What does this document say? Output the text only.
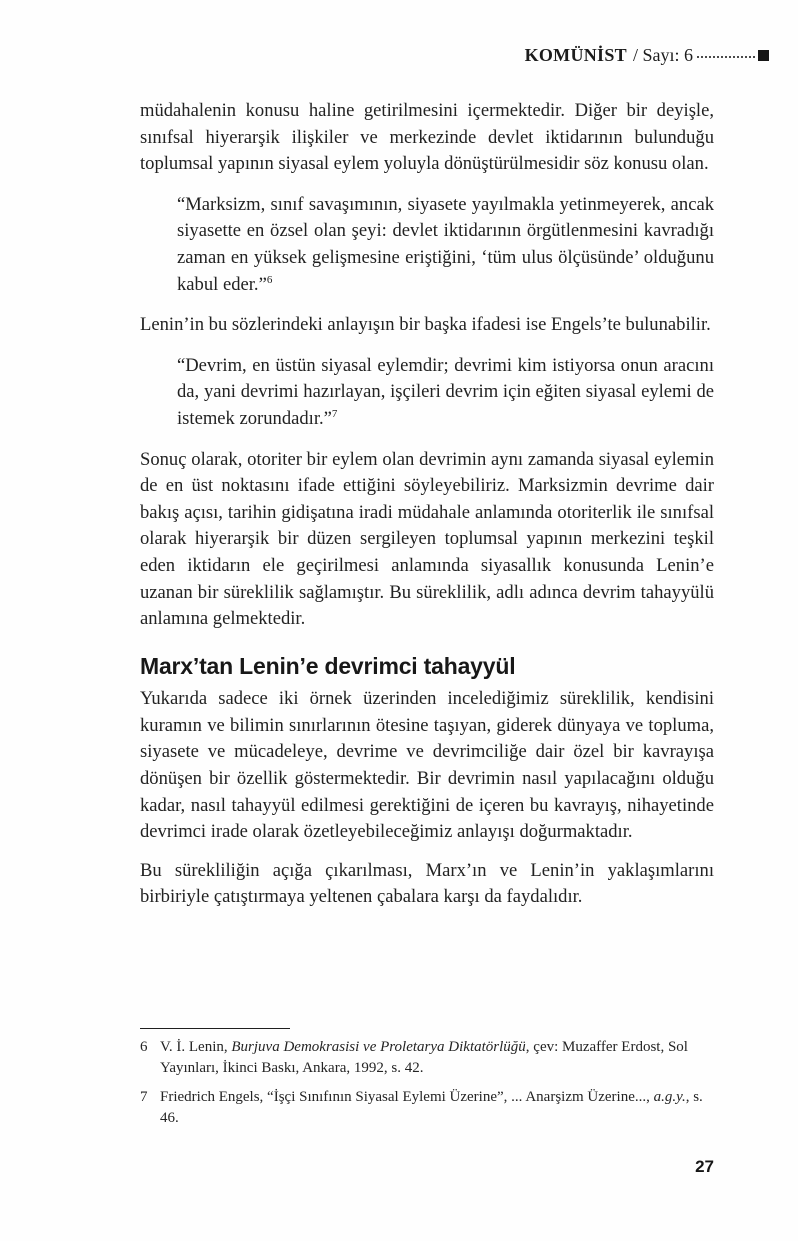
KOMÜNİST / Sayı: 6

müdahalenin konusu haline getirilmesini içermektedir. Diğer bir deyişle, sınıfsal hiyerarşik ilişkiler ve merkezinde devlet iktidarının bulunduğu toplumsal yapının siyasal eylem yoluyla dönüştürülmesidir söz konusu olan.

“Marksizm, sınıf savaşımının, siyasete yayılmakla yetinmeyerek, ancak siyasette en özsel olan şeyi: devlet iktidarının örgütlenmesini kavradığı zaman en yüksek gelişmesine eriştiğini, ‘tüm ulus ölçüsünde’ olduğunu kabul eder.”$^6$

Lenin’in bu sözlerindeki anlayışın bir başka ifadesi ise Engels’te bulunabilir.

“Devrim, en üstün siyasal eylemdir; devrimi kim istiyorsa onun aracını da, yani devrimi hazırlayan, işçileri devrim için eğiten siyasal eylemi de istemek zorundadır.”$^7$

Sonuç olarak, otoriter bir eylem olan devrimin aynı zamanda siyasal eylemin de en üst noktasını ifade ettiğini söyleyebiliriz. Marksizmin devrime dair bakış açısı, tarihin gidişatına iradi müdahale anlamında otoriterlik ile sınıfsal olarak hiyerarşik bir düzen sergileyen toplumsal yapının merkezini teşkil eden iktidarın ele geçirilmesi anlamında siyasallık konusunda Lenin’e uzanan bir süreklilik sağlamıştır. Bu süreklilik, adlı adınca devrim tahayyülü anlamına gelmektedir.

Marx’tan Lenin’e devrimci tahayyül

Yukarıda sadece iki örnek üzerinden incelediğimiz süreklilik, kendisini kuramın ve bilimin sınırlarının ötesine taşıyan, giderek dünyaya ve topluma, siyasete ve mücadeleye, devrime ve devrimciliğe dair özel bir kavrayışa dönüşen bir özellik göstermektedir. Bir devrimin nasıl yapılacağını olduğu kadar, nasıl tahayyül edilmesi gerektiğini de içeren bu kavrayış, nihayetinde devrimci irade olarak özetleyebileceğimiz anlayışı doğurmaktadır.

Bu sürekliliğin açığa çıkarılması, Marx’ın ve Lenin’in yaklaşımlarını birbiriyle çatıştırmaya yeltenen çabalara karşı da faydalıdır.

6 V. İ. Lenin, Burjuva Demokrasisi ve Proletarya Diktatörlüğü, çev: Muzaffer Erdost, Sol Yayınları, İkinci Baskı, Ankara, 1992, s. 42.
7 Friedrich Engels, “İşçi Sınıfının Siyasal Eylemi Üzerine”, ... Anarşizm Üzerine..., a.g.y., s. 46.
27
